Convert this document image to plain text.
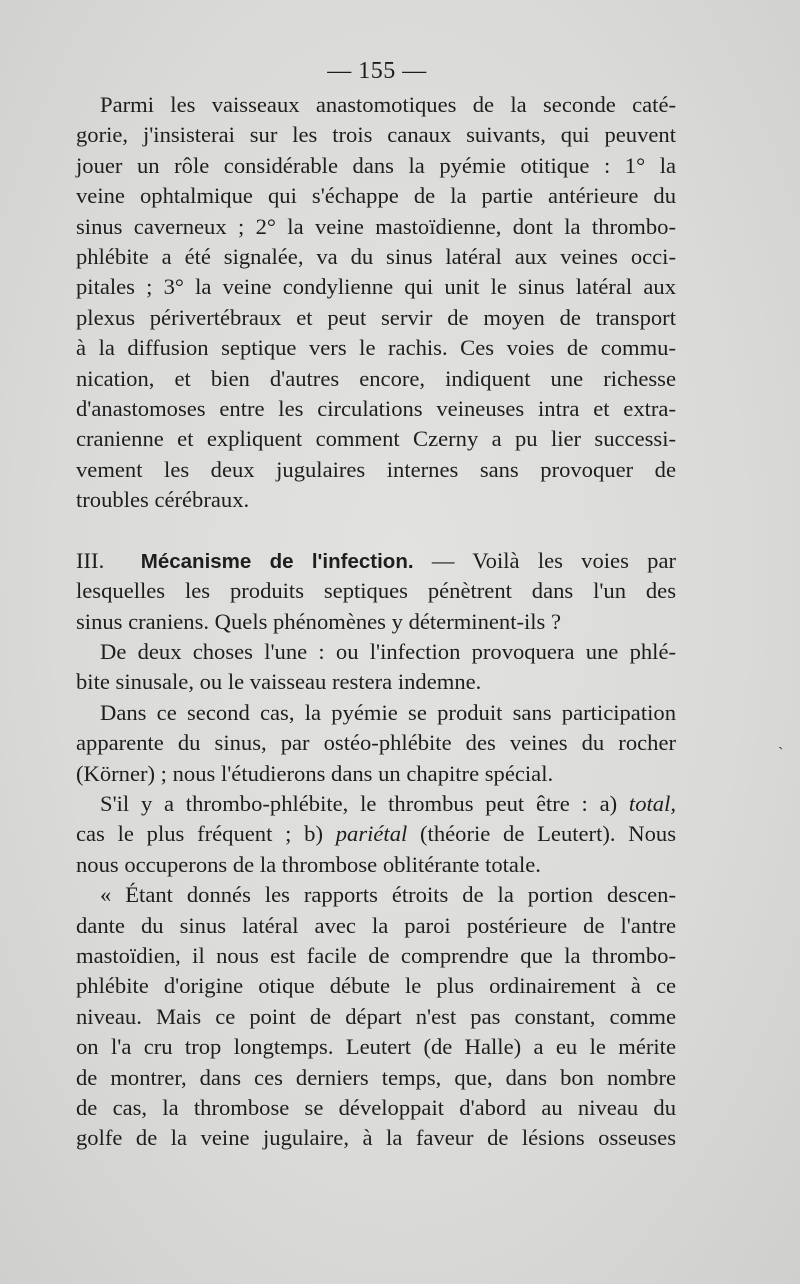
— 155 —
Parmi les vaisseaux anastomotiques de la seconde caté-
gorie, j'insisterai sur les trois canaux suivants, qui peuvent
jouer un rôle considérable dans la pyémie otitique : 1° la
veine ophtalmique qui s'échappe de la partie antérieure du
sinus caverneux ; 2° la veine mastoïdienne, dont la thrombo-
phlébite a été signalée, va du sinus latéral aux veines occi-
pitales ; 3° la veine condylienne qui unit le sinus latéral aux
plexus périvertébraux et peut servir de moyen de transport
à la diffusion septique vers le rachis. Ces voies de commu-
nication, et bien d'autres encore, indiquent une richesse
d'anastomoses entre les circulations veineuses intra et extra-
cranienne et expliquent comment Czerny a pu lier successi-
vement les deux jugulaires internes sans provoquer de
troubles cérébraux.
III. Mécanisme de l'infection. — Voilà les voies par
lesquelles les produits septiques pénètrent dans l'un des
sinus craniens. Quels phénomènes y déterminent-ils ?
De deux choses l'une : ou l'infection provoquera une phlé-
bite sinusale, ou le vaisseau restera indemne.
Dans ce second cas, la pyémie se produit sans participation
apparente du sinus, par ostéo-phlébite des veines du rocher
(Körner) ; nous l'étudierons dans un chapitre spécial.
S'il y a thrombo-phlébite, le thrombus peut être : a) total,
cas le plus fréquent ; b) pariétal (théorie de Leutert). Nous
nous occuperons de la thrombose oblitérante totale.
« Étant donnés les rapports étroits de la portion descen-
dante du sinus latéral avec la paroi postérieure de l'antre
mastoïdien, il nous est facile de comprendre que la thrombo-
phlébite d'origine otique débute le plus ordinairement à ce
niveau. Mais ce point de départ n'est pas constant, comme
on l'a cru trop longtemps. Leutert (de Halle) a eu le mérite
de montrer, dans ces derniers temps, que, dans bon nombre
de cas, la thrombose se développait d'abord au niveau du
golfe de la veine jugulaire, à la faveur de lésions osseuses
`
